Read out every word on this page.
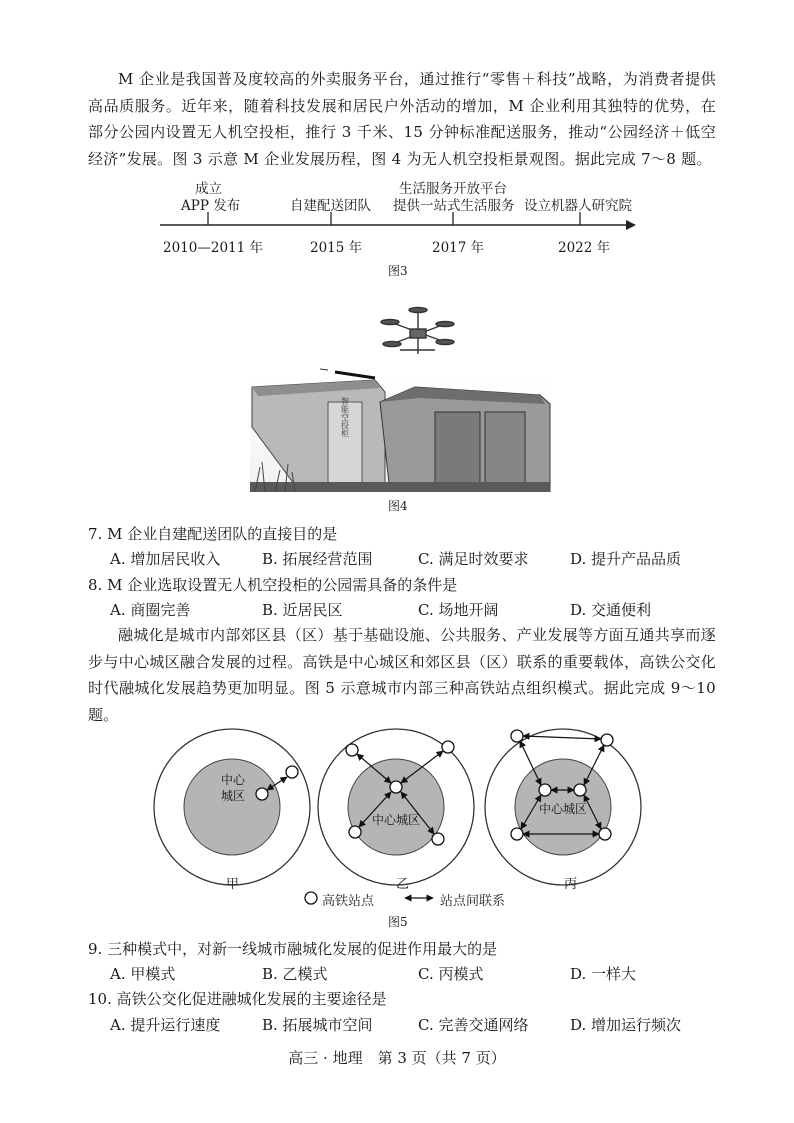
M 企业是我国普及度较高的外卖服务平台，通过推行“零售＋科技”战略，为消费者提供高品质服务。近年来，随着科技发展和居民户外活动的增加，M 企业利用其独特的优势，在部分公园内设置无人机空投柜，推行 3 千米、15 分钟标准配送服务，推动“公园经济＋低空经济”发展。图 3 示意 M 企业发展历程，图 4 为无人机空投柜景观图。据此完成 7～8 题。
成立
APP 发布	自建配送团队
生活服务开放平台
提供一站式生活服务 设立机器人研究院
2010—2011 年	2015 年	2017 年	2022 年
图3
智能空投柜
图4
7. M 企业自建配送团队的直接目的是
A. 增加居民收入	B. 拓展经营范围	C. 满足时效要求	D. 提升产品品质
8. M 企业选取设置无人机空投柜的公园需具备的条件是
A. 商圈完善	B. 近居民区	C. 场地开阔	D. 交通便利
融城化是城市内部郊区县（区）基于基础设施、公共服务、产业发展等方面互通共享而逐步与中心城区融合发展的过程。高铁是中心城区和郊区县（区）联系的重要载体，高铁公交化时代融城化发展趋势更加明显。图 5 示意城市内部三种高铁站点组织模式。据此完成 9～10 题。
中心
城区
中心城区
中心城区
甲	乙	丙
高铁站点	站点间联系
图5
9. 三种模式中，对新一线城市融城化发展的促进作用最大的是
A. 甲模式	B. 乙模式	C. 丙模式	D. 一样大
10. 高铁公交化促进融城化发展的主要途径是
A. 提升运行速度	B. 拓展城市空间	C. 完善交通网络	D. 增加运行频次
高三 · 地理　第 3 页（共 7 页）
